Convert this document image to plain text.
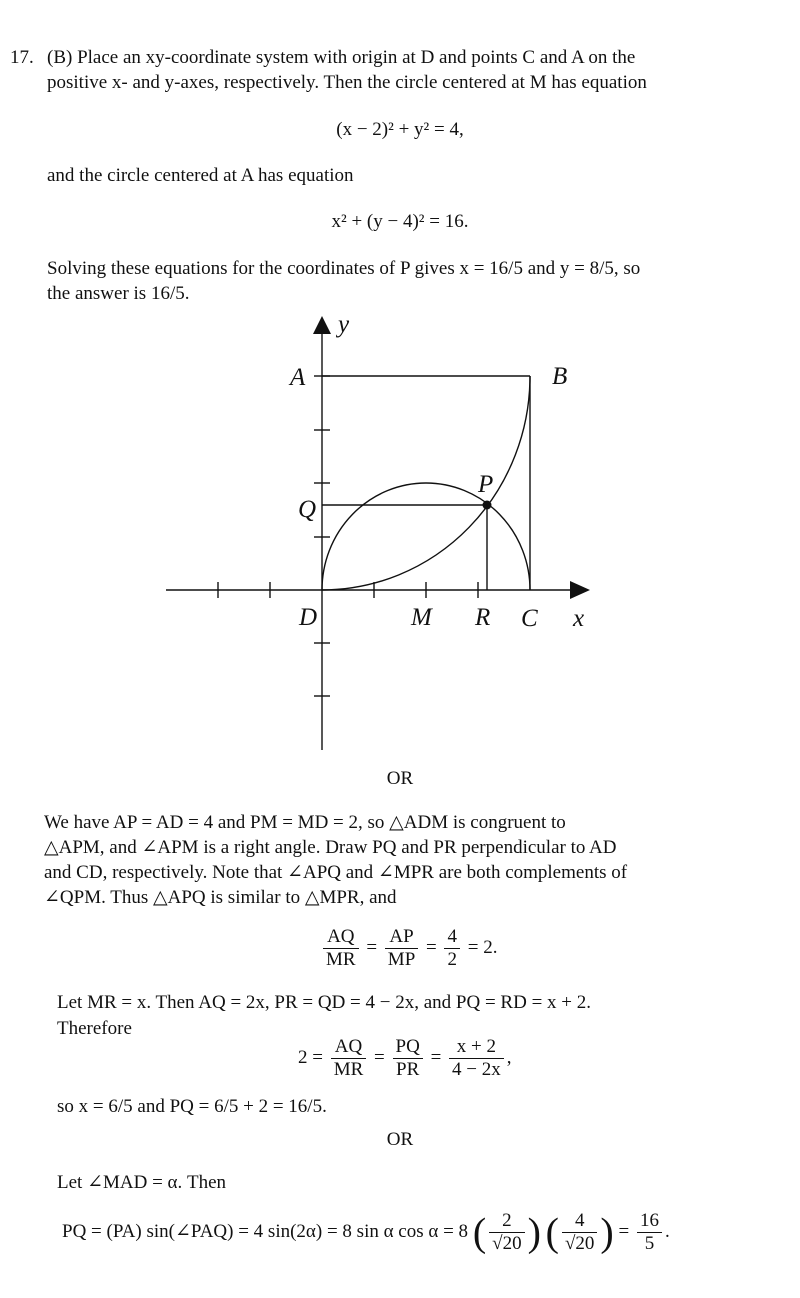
17. (B) Place an xy-coordinate system with origin at D and points C and A on the
positive x- and y-axes, respectively. Then the circle centered at M has equation
(x − 2)² + y² = 4,
and the circle centered at A has equation
x² + (y − 4)² = 16.
Solving these equations for the coordinates of P gives x = 16/5 and y = 8/5, so
the answer is 16/5.
y
x
A	B
P
Q
D	M R C
OR
We have AP = AD = 4 and PM = MD = 2, so △ADM is congruent to
△APM, and ∠APM is a right angle. Draw PQ and PR perpendicular to AD
and CD, respectively. Note that ∠APQ and ∠MPR are both complements of
∠QPM. Thus △APQ is similar to △MPR, and
$\frac{AQ}{MR} = \frac{AP}{MP} = \frac{4}{2} = 2$.
Let MR = x. Then AQ = 2x, PR = QD = 4 − 2x, and PQ = RD = x + 2.
Therefore
$2 = \frac{AQ}{MR} = \frac{PQ}{PR} = \frac{x + 2}{4 - 2x}$ ,
so x = 6/5 and PQ = 6/5 + 2 = 16/5.
OR
Let ∠MAD = α. Then
PQ = (PA) sin(∠PAQ) = 4 sin(2α) = 8 sin α cos α = 8 ( $\frac{2}{√20}$ ) ( $\frac{4}{√20}$ ) = $\frac{16}{5}$ .
